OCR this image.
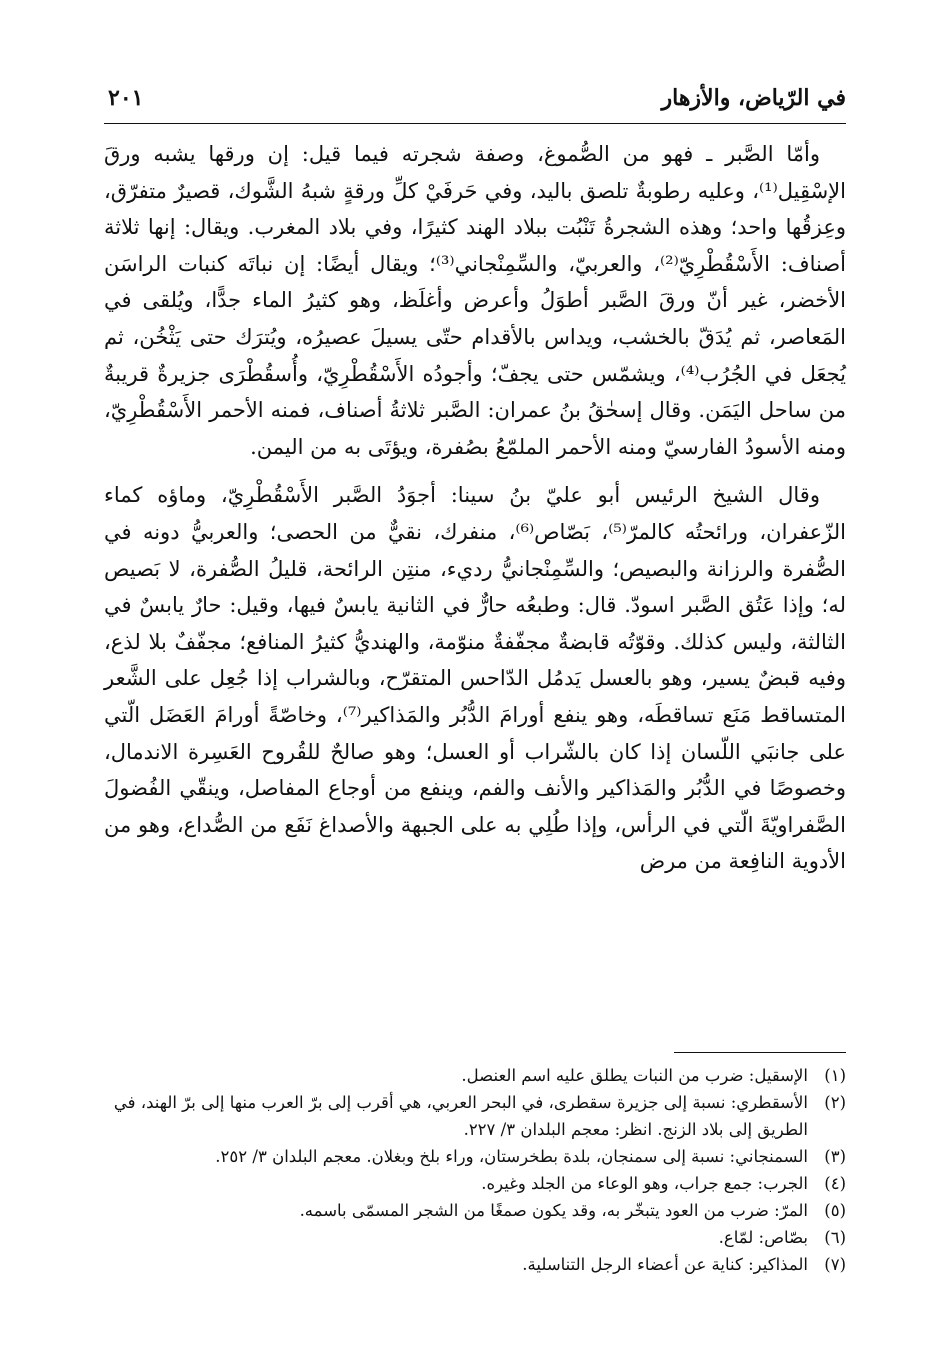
في الرّياض، والأزهار
٢٠١

وأمّا الصَّبر ـ فهو من الصُّموغ، وصفة شجرته فيما قيل: إن ورقها يشبه ورقَ الإسْقِيل⁽¹⁾، وعليه رطوبةٌ تلصق باليد، وفي حَرفَيْ كلِّ ورقةٍ شبهُ الشَّوك، قصيرٌ متفرّق، وعِزقُها واحد؛ وهذه الشجرةُ تَنْبُت ببلاد الهند كثيرًا، وفي بلاد المغرب. ويقال: إنها ثلاثة أصناف: الأَسْقُطْرِيّ⁽²⁾، والعربيّ، والسِّمِنْجاني⁽³⁾؛ ويقال أيضًا: إن نباتَه كنبات الراسَن الأخضر، غير أنّ ورقَ الصَّبر أطوَلُ وأعرض وأغلَظ، وهو كثيرُ الماء جدًّا، ويُلقى في المَعاصر، ثم يُدَقّ بالخشب، ويداس بالأقدام حتّى يسيلَ عصيرُه، ويُترَك حتى يَثْخُن، ثم يُجعَل في الجُرُب⁽⁴⁾، ويشمّس حتى يجفّ؛ وأجودُه الأَسْقُطْرِيّ، وأُسقُطْرَى جزيرةٌ قريبةٌ من ساحل اليَمَن. وقال إسحٰقُ بنُ عمران: الصَّبر ثلاثةُ أصناف، فمنه الأحمر الأَسْقُطْرِيّ، ومنه الأسودُ الفارسيّ ومنه الأحمر الملمّعُ بصُفرة، ويؤتَى به من اليمن.

وقال الشيخ الرئيس أبو عليّ بنُ سينا: أجوَدُ الصَّبر الأَسْقُطْرِيّ، وماؤه كماء الزّعفران، ورائحتُه كالمرّ⁽⁵⁾، بَصّاص⁽⁶⁾، منفرك، نقيٌّ من الحصى؛ والعربيُّ دونه في الصُّفرة والرزانة والبصيص؛ والسِّمِنْجانيُّ رديء، منتِن الرائحة، قليلُ الصُّفرة، لا بَصيص له؛ وإذا عَتُق الصَّبر اسودّ. قال: وطبعُه حارٌّ في الثانية يابسٌ فيها، وقيل: حارٌ يابسٌ في الثالثة، وليس كذلك. وقوّتُه قابضةٌ مجفّفةٌ منوّمة، والهنديُّ كثيرُ المنافع؛ مجفّفٌ بلا لذع، وفيه قبضٌ يسير، وهو بالعسل يَدمُل الدّاحس المتقرّح، وبالشراب إذا جُعِل على الشَّعر المتساقط مَنَع تساقطَه، وهو ينفع أورامَ الدُّبُر والمَذاكير⁽⁷⁾، وخاصّةً أورامَ العَضَل الّتي على جانبَي اللّسان إذا كان بالشّراب أو العسل؛ وهو صالحٌ للقُروح العَسِرة الاندمال، وخصوصًا في الدُّبُر والمَذاكير والأنف والفم، وينفع من أوجاع المفاصل، وينقّي الفُضولَ الصَّفراويّةَ الّتي في الرأس، وإذا طُلِي به على الجبهة والأصداغ نَفَع من الصُّداع، وهو من الأدوية النافِعة من مرض

(١)
الإسقيل: ضرب من النبات يطلق عليه اسم العنصل.
(٢)
الأسقطري: نسبة إلى جزيرة سقطرى، في البحر العربي، هي أقرب إلى برّ العرب منها إلى برّ الهند، في الطريق إلى بلاد الزنج. انظر: معجم البلدان ٣/ ٢٢٧.
(٣)
السمنجاني: نسبة إلى سمنجان، بلدة بطخرستان، وراء بلخ وبغلان. معجم البلدان ٣/ ٢٥٢.
(٤)
الجرب: جمع جراب، وهو الوعاء من الجلد وغيره.
(٥)
المرّ: ضرب من العود يتبخّر به، وقد يكون صمغًا من الشجر المسمّى باسمه.
(٦)
بصّاص: لمّاع.
(٧)
المذاكير: كناية عن أعضاء الرجل التناسلية.
